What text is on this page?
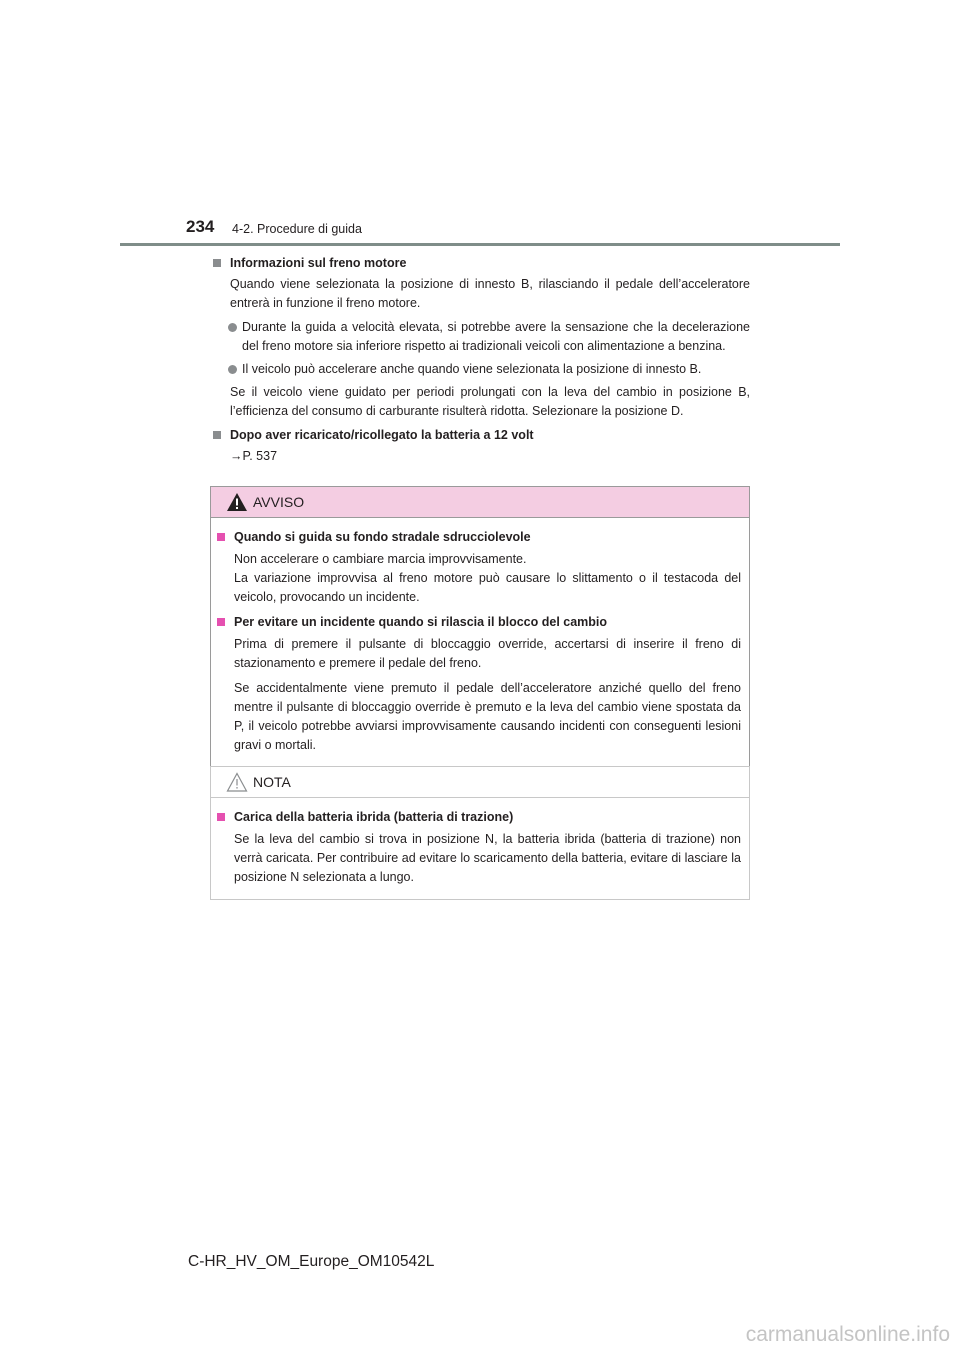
234 4-2. Procedure di guida
Informazioni sul freno motore
Quando viene selezionata la posizione di innesto B, rilasciando il pedale dell’acceleratore entrerà in funzione il freno motore.
Durante la guida a velocità elevata, si potrebbe avere la sensazione che la decelerazione del freno motore sia inferiore rispetto ai tradizionali veicoli con alimentazione a benzina.
Il veicolo può accelerare anche quando viene selezionata la posizione di innesto B.
Se il veicolo viene guidato per periodi prolungati con la leva del cambio in posizione B, l’efficienza del consumo di carburante risulterà ridotta. Selezionare la posizione D.
Dopo aver ricaricato/ricollegato la batteria a 12 volt
→P. 537
AVVISO
Quando si guida su fondo stradale sdrucciolevole
Non accelerare o cambiare marcia improvvisamente.
La variazione improvvisa al freno motore può causare lo slittamento o il testacoda del veicolo, provocando un incidente.
Per evitare un incidente quando si rilascia il blocco del cambio
Prima di premere il pulsante di bloccaggio override, accertarsi di inserire il freno di stazionamento e premere il pedale del freno.
Se accidentalmente viene premuto il pedale dell’acceleratore anziché quello del freno mentre il pulsante di bloccaggio override è premuto e la leva del cambio viene spostata da P, il veicolo potrebbe avviarsi improvvisamente causando incidenti con conseguenti lesioni gravi o mortali.
NOTA
Carica della batteria ibrida (batteria di trazione)
Se la leva del cambio si trova in posizione N, la batteria ibrida (batteria di trazione) non verrà caricata. Per contribuire ad evitare lo scaricamento della batteria, evitare di lasciare la posizione N selezionata a lungo.
C-HR_HV_OM_Europe_OM10542L
carmanualsonline.info
